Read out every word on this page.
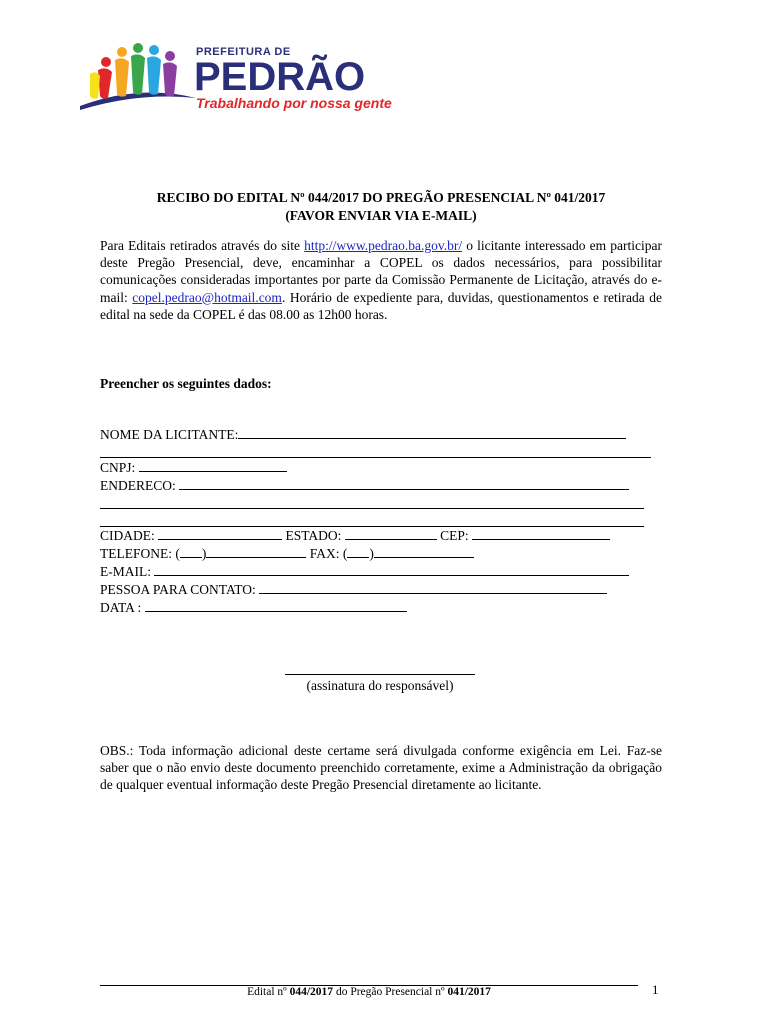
PREFEITURA DE
PEDRÃO
Trabalhando por nossa gente
RECIBO DO EDITAL Nº 044/2017 DO PREGÃO PRESENCIAL Nº 041/2017
(FAVOR ENVIAR VIA E-MAIL)
Para Editais retirados através do site http://www.pedrao.ba.gov.br/ o licitante interessado em participar deste Pregão Presencial, deve, encaminhar a COPEL os dados necessários, para possibilitar comunicações consideradas importantes por parte da Comissão Permanente de Licitação, através do e-mail: copel.pedrao@hotmail.com. Horário de expediente para, duvidas, questionamentos e retirada de edital na sede da COPEL é das 08.00 as 12h00 horas.
Preencher os seguintes dados:
NOME DA LICITANTE:
CNPJ:
ENDERECO:
CIDADE:	ESTADO:	CEP:
TELEFONE: ( )	FAX: ( )
E-MAIL:
PESSOA PARA CONTATO:
DATA :
(assinatura do responsável)
OBS.: Toda informação adicional deste certame será divulgada conforme exigência em Lei. Faz-se saber que o não envio deste documento preenchido corretamente, exime a Administração da obrigação de qualquer eventual informação deste Pregão Presencial diretamente ao licitante.
Edital nº 044/2017 do Pregão Presencial nº 041/2017	1
